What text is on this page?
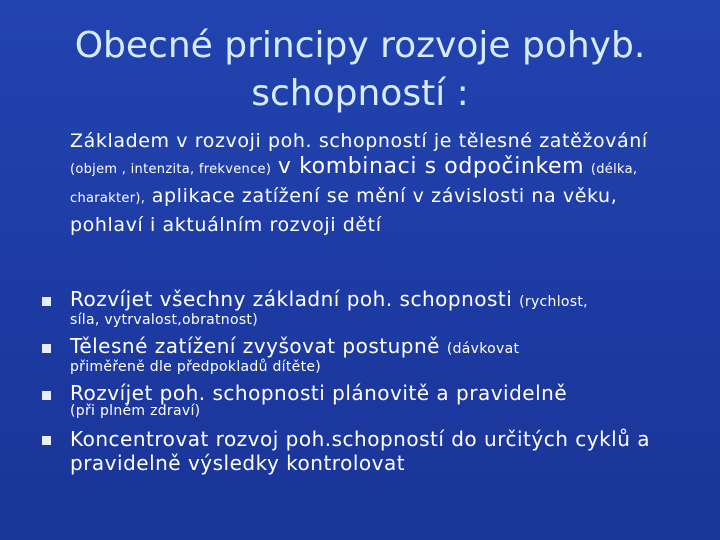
Obecné principy rozvoje pohyb.
schopností :

Základem v rozvoji poh. schopností je tělesné zatěžování (objem , intenzita, frekvence) v kombinaci s odpočinkem (délka, charakter), aplikace zatížení se mění v závislosti na věku, pohlaví i aktuálním rozvoji dětí

Rozvíjet všechny základní poh. schopnosti (rychlost,
síla, vytrvalost,obratnost)
Tělesné zatížení zvyšovat postupně (dávkovat
přiměřeně dle předpokladů dítěte)
Rozvíjet poh. schopnosti plánovitě a pravidelně
(při plném zdraví)
Koncentrovat rozvoj poh.schopností do určitých cyklů a pravidelně výsledky kontrolovat
